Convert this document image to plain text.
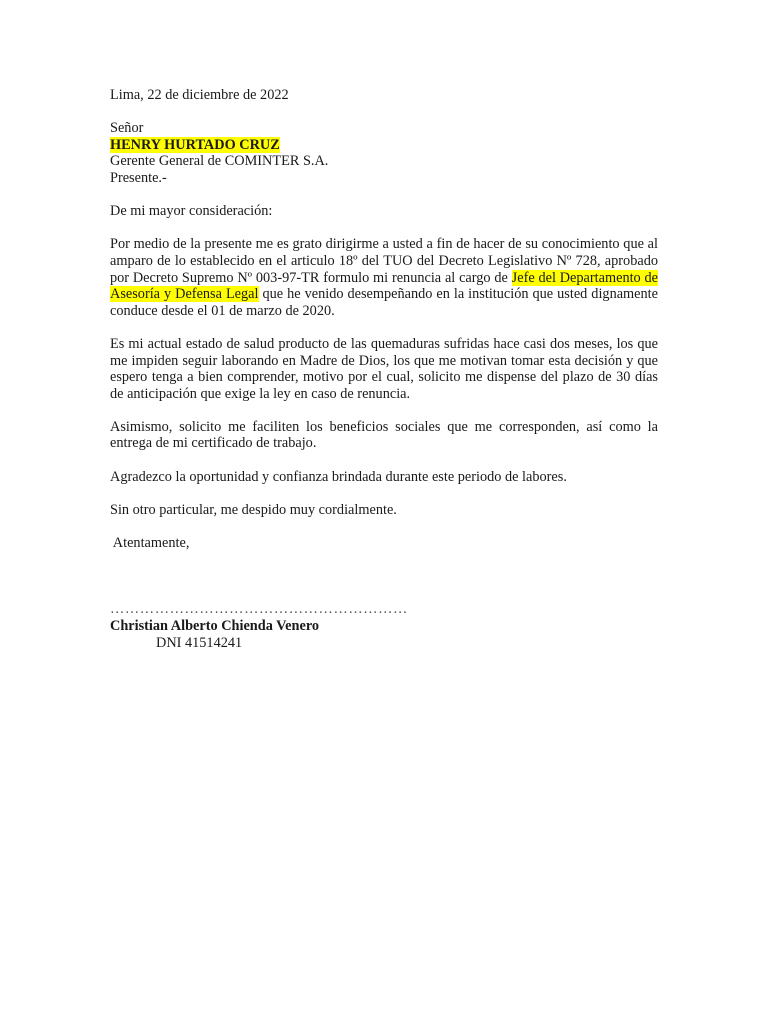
Lima, 22 de diciembre de 2022

Señor

HENRY HURTADO CRUZ

Gerente General de COMINTER S.A.

Presente.-

De mi mayor consideración:

Por medio de la presente me es grato dirigirme a usted a fin de hacer de su conocimiento que al amparo de lo establecido en el articulo 18º del TUO del Decreto Legislativo Nº 728, aprobado por Decreto Supremo Nº 003-97-TR formulo mi renuncia al cargo de Jefe del Departamento de Asesoría y Defensa Legal que he venido desempeñando en la institución que usted dignamente conduce desde el 01 de marzo de 2020.

Es mi actual estado de salud producto de las quemaduras sufridas hace casi dos meses, los que me impiden seguir laborando en Madre de Dios, los que me motivan tomar esta decisión y que espero tenga a bien comprender, motivo por el cual, solicito me dispense del plazo de 30 días de anticipación que exige la ley en caso de renuncia.

Asimismo, solicito me faciliten los beneficios sociales que me corresponden, así como la entrega de mi certificado de trabajo.

Agradezco la oportunidad y confianza brindada durante este periodo de labores.

Sin otro particular, me despido muy cordialmente.

Atentamente,

……………………………………………………

Christian Alberto Chienda Venero

DNI 41514241
